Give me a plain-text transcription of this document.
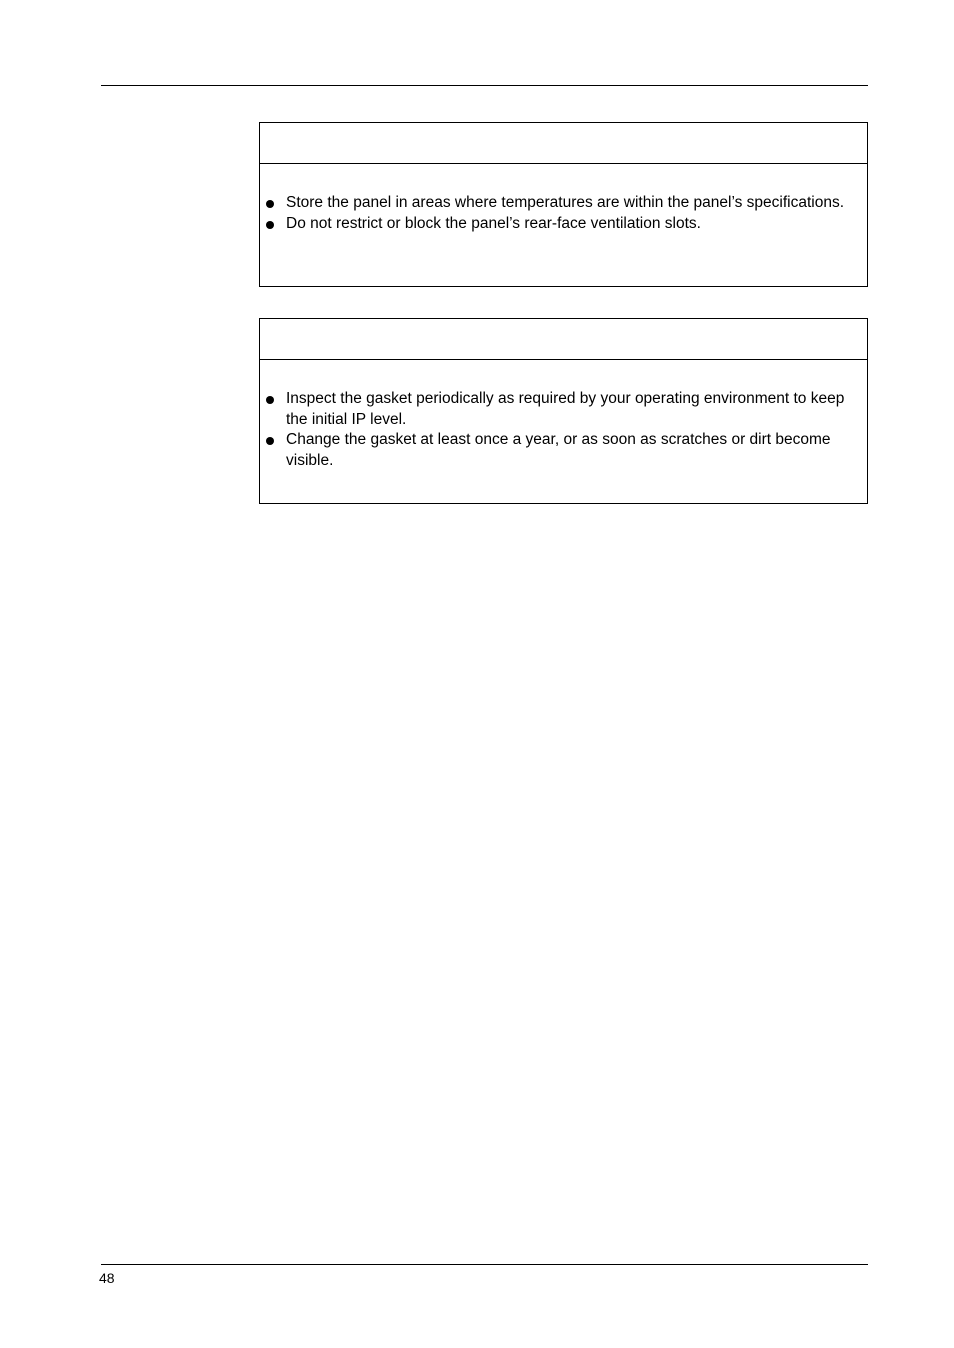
Store the panel in areas where temperatures are within the panel’s specifications.
Do not restrict or block the panel’s rear-face ventilation slots.
Inspect the gasket periodically as required by your operating environment to keep the initial IP level.
Change the gasket at least once a year, or as soon as scratches or dirt become visible.
48
